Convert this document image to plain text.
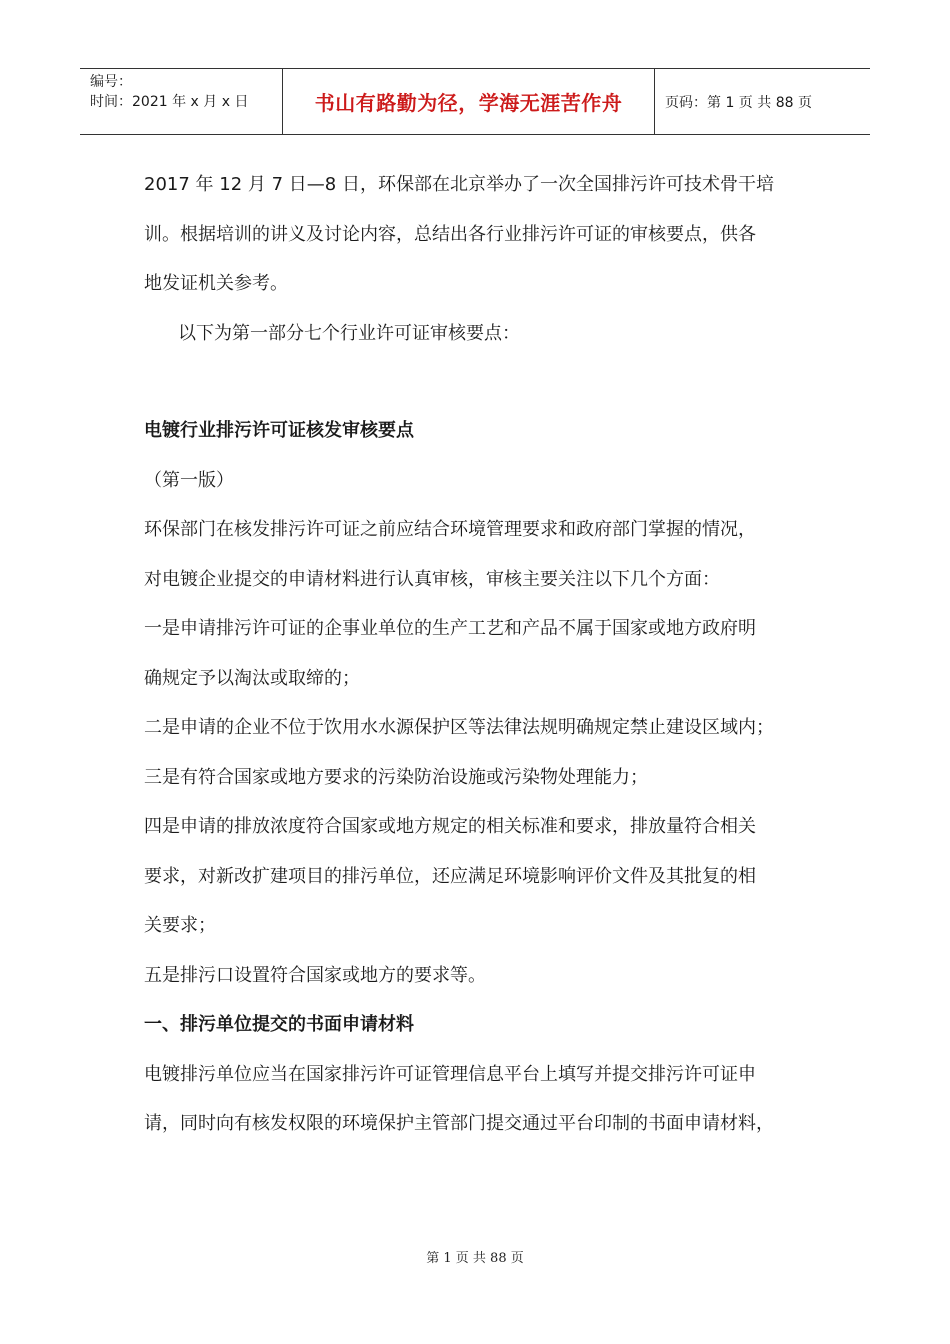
编号：
时间：2021 年 x 月 x 日	书山有路勤为径，学海无涯苦作舟	页码：第 1 页 共 88 页
2017 年 12 月 7 日—8 日，环保部在北京举办了一次全国排污许可技术骨干培
训。根据培训的讲义及讨论内容，总结出各行业排污许可证的审核要点，供各
地发证机关参考。
以下为第一部分七个行业许可证审核要点：
电镀行业排污许可证核发审核要点
（第一版）
环保部门在核发排污许可证之前应结合环境管理要求和政府部门掌握的情况，
对电镀企业提交的申请材料进行认真审核，审核主要关注以下几个方面：
一是申请排污许可证的企事业单位的生产工艺和产品不属于国家或地方政府明
确规定予以淘汰或取缔的；
二是申请的企业不位于饮用水水源保护区等法律法规明确规定禁止建设区域内；
三是有符合国家或地方要求的污染防治设施或污染物处理能力；
四是申请的排放浓度符合国家或地方规定的相关标准和要求，排放量符合相关
要求，对新改扩建项目的排污单位，还应满足环境影响评价文件及其批复的相
关要求；
五是排污口设置符合国家或地方的要求等。
一、排污单位提交的书面申请材料
电镀排污单位应当在国家排污许可证管理信息平台上填写并提交排污许可证申
请，同时向有核发权限的环境保护主管部门提交通过平台印制的书面申请材料，
第 1 页 共 88 页
